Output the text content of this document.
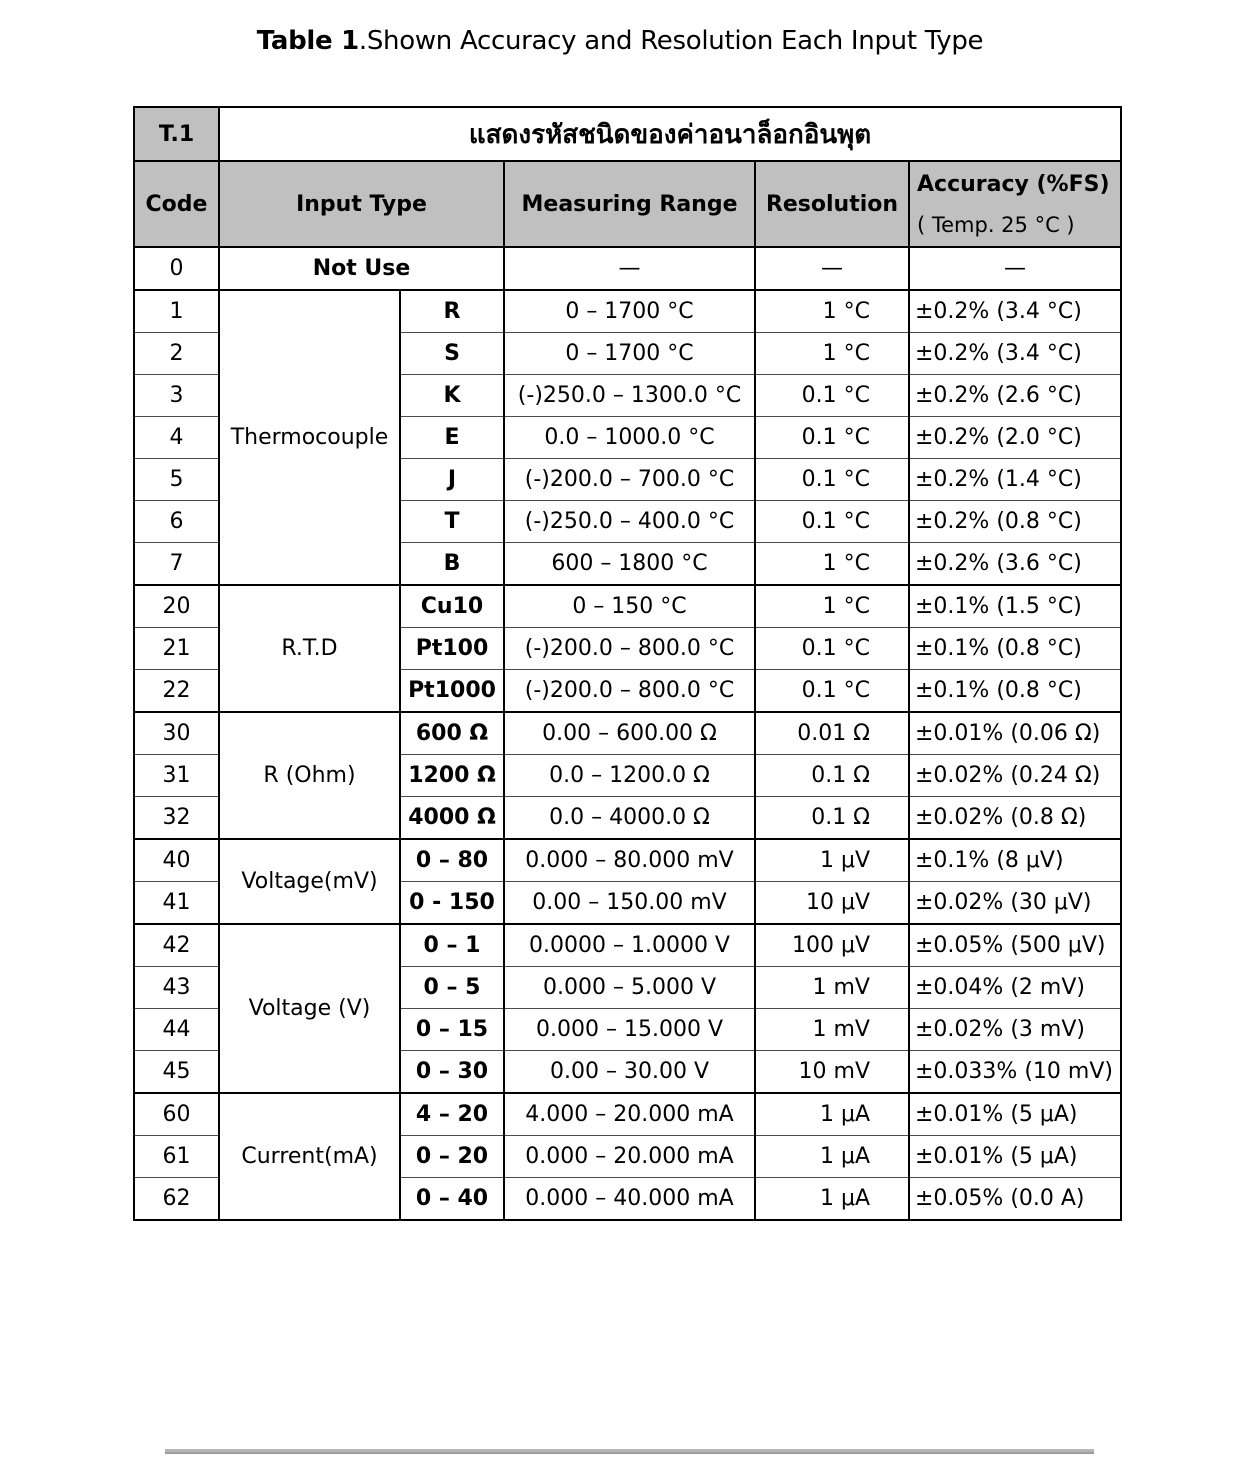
Table 1.Shown Accuracy and Resolution Each Input Type
T.1	แสดงรหัสชนิดของค่าอนาล็อกอินพุต				
Code	Input Type		Measuring Range	Resolution	Accuracy (%FS)
( Temp. 25 °C )

0	Not Use		—	—	—
1	Thermocouple	R	0 – 1700 °C	1 °C	±0.2% (3.4 °C)
2		S	0 – 1700 °C	1 °C	±0.2% (3.4 °C)
3		K	(-)250.0 – 1300.0 °C	0.1 °C	±0.2% (2.6 °C)
4		E	0.0 – 1000.0 °C	0.1 °C	±0.2% (2.0 °C)
5		J	(-)200.0 – 700.0 °C	0.1 °C	±0.2% (1.4 °C)
6		T	(-)250.0 – 400.0 °C	0.1 °C	±0.2% (0.8 °C)
7		B	600 – 1800 °C	1 °C	±0.2% (3.6 °C)
20	R.T.D	Cu10	0 – 150 °C	1 °C	±0.1% (1.5 °C)
21		Pt100	(-)200.0 – 800.0 °C	0.1 °C	±0.1% (0.8 °C)
22		Pt1000	(-)200.0 – 800.0 °C	0.1 °C	±0.1% (0.8 °C)
30	R (Ohm)	600 Ω	0.00 – 600.00 Ω	0.01 Ω	±0.01% (0.06 Ω)
31		1200 Ω	0.0 – 1200.0 Ω	0.1 Ω	±0.02% (0.24 Ω)
32		4000 Ω	0.0 – 4000.0 Ω	0.1 Ω	±0.02% (0.8 Ω)
40	Voltage(mV)	0 – 80	0.000 – 80.000 mV	1 μV	±0.1% (8 μV)
41		0 - 150	0.00 – 150.00 mV	10 μV	±0.02% (30 μV)
42	Voltage (V)	0 – 1	0.0000 – 1.0000 V	100 μV	±0.05% (500 μV)
43		0 – 5	0.000 – 5.000 V	1 mV	±0.04% (2 mV)
44		0 – 15	0.000 – 15.000 V	1 mV	±0.02% (3 mV)
45		0 – 30	0.00 – 30.00 V	10 mV	±0.033% (10 mV)
60	Current(mA)	4 – 20	4.000 – 20.000 mA	1 μA	±0.01% (5 μA)
61		0 – 20	0.000 – 20.000 mA	1 μA	±0.01% (5 μA)
62		0 – 40	0.000 – 40.000 mA	1 μA	±0.05% (0.0 A)
